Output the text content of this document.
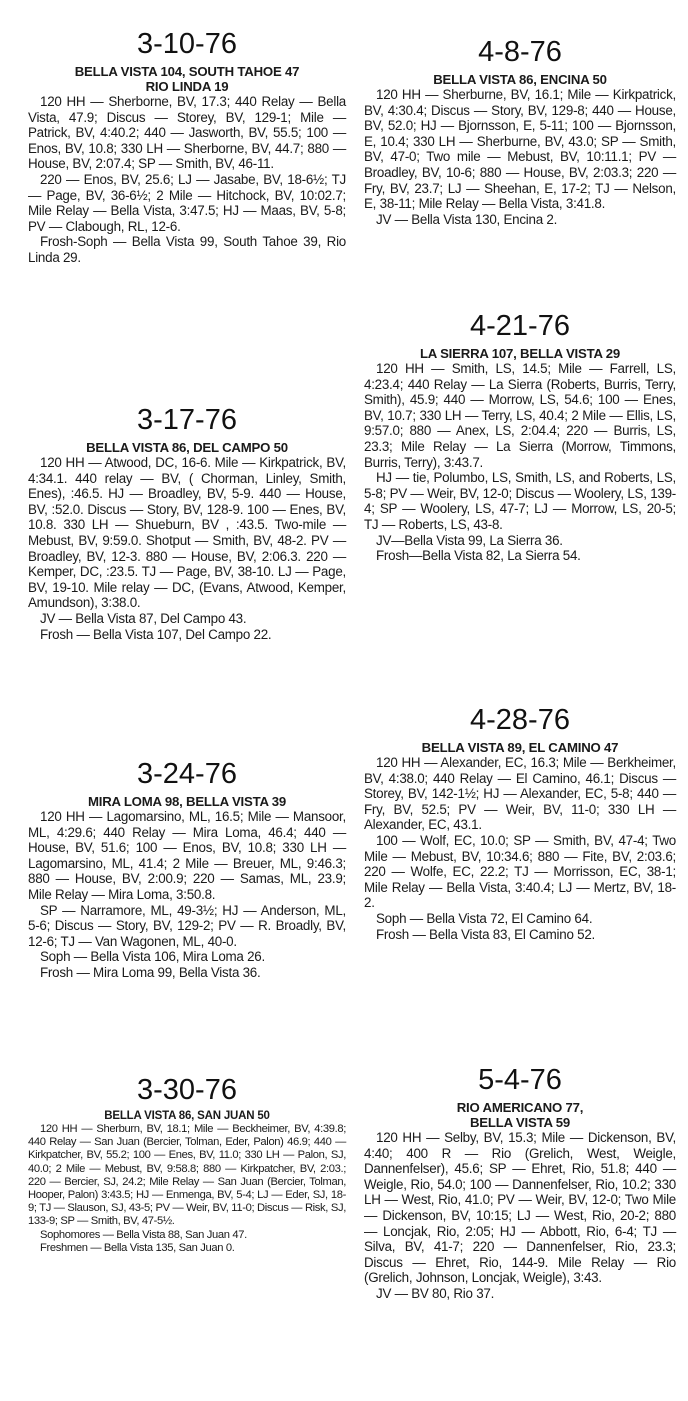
3-10-76
BELLA VISTA 104, SOUTH TAHOE 47
RIO LINDA 19
120 HH — Sherborne, BV, 17.3; 440 Relay — Bella Vista, 47.9; Discus — Storey, BV, 129-1; Mile — Patrick, BV, 4:40.2; 440 — Jasworth, BV, 55.5; 100 — Enos, BV, 10.8; 330 LH — Sherborne, BV, 44.7; 880 — House, BV, 2:07.4; SP — Smith, BV, 46-11.
220 — Enos, BV, 25.6; LJ — Jasabe, BV, 18-6½; TJ — Page, BV, 36-6½; 2 Mile — Hitchock, BV, 10:02.7; Mile Relay — Bella Vista, 3:47.5; HJ — Maas, BV, 5-8; PV — Clabough, RL, 12-6.
Frosh-Soph — Bella Vista 99, South Tahoe 39, Rio Linda 29.
3-17-76
BELLA VISTA 86, DEL CAMPO 50
120 HH — Atwood, DC, 16-6. Mile — Kirkpatrick, BV, 4:34.1. 440 relay — BV, ( Chorman, Linley, Smith, Enes), :46.5. HJ — Broadley, BV, 5-9. 440 — House, BV, :52.0. Discus — Story, BV, 128-9. 100 — Enes, BV, 10.8. 330 LH — Shueburn, BV , :43.5. Two-mile — Mebust, BV, 9:59.0. Shotput — Smith, BV, 48-2. PV — Broadley, BV, 12-3. 880 — House, BV, 2:06.3. 220 — Kemper, DC, :23.5. TJ — Page, BV, 38-10. LJ — Page, BV, 19-10. Mile relay — DC, (Evans, Atwood, Kemper, Amundson), 3:38.0.
JV — Bella Vista 87, Del Campo 43.
Frosh — Bella Vista 107, Del Campo 22.
3-24-76
MIRA LOMA 98, BELLA VISTA 39
120 HH — Lagomarsino, ML, 16.5; Mile — Mansoor, ML, 4:29.6; 440 Relay — Mira Loma, 46.4; 440 — House, BV, 51.6; 100 — Enos, BV, 10.8; 330 LH — Lagomarsino, ML, 41.4; 2 Mile — Breuer, ML, 9:46.3; 880 — House, BV, 2:00.9; 220 — Samas, ML, 23.9; Mile Relay — Mira Loma, 3:50.8.
SP — Narramore, ML, 49-3½; HJ — Anderson, ML, 5-6; Discus — Story, BV, 129-2; PV — R. Broadly, BV, 12-6; TJ — Van Wagonen, ML, 40-0.
Soph — Bella Vista 106, Mira Loma 26.
Frosh — Mira Loma 99, Bella Vista 36.
3-30-76
BELLA VISTA 86, SAN JUAN 50
120 HH — Sherburn, BV, 18.1; Mile — Beckheimer, BV, 4:39.8; 440 Relay — San Juan (Bercier, Tolman, Eder, Palon) 46.9; 440 — Kirkpatcher, BV, 55.2; 100 — Enes, BV, 11.0; 330 LH — Palon, SJ, 40.0; 2 Mile — Mebust, BV, 9:58.8; 880 — Kirkpatcher, BV, 2:03.; 220 — Bercier, SJ, 24.2; Mile Relay — San Juan (Bercier, Tolman, Hooper, Palon) 3:43.5; HJ — Enmenga, BV, 5-4; LJ — Eder, SJ, 18-9; TJ — Slauson, SJ, 43-5; PV — Weir, BV, 11-0; Discus — Risk, SJ, 133-9; SP — Smith, BV, 47-5½.
Sophomores — Bella Vista 88, San Juan 47.
Freshmen — Bella Vista 135, San Juan 0.
4-8-76
BELLA VISTA 86, ENCINA 50
120 HH — Sherburne, BV, 16.1; Mile — Kirkpatrick, BV, 4:30.4; Discus — Story, BV, 129-8; 440 — House, BV, 52.0; HJ — Bjornsson, E, 5-11; 100 — Bjornsson, E, 10.4; 330 LH — Sherburne, BV, 43.0; SP — Smith, BV, 47-0; Two mile — Mebust, BV, 10:11.1; PV — Broadley, BV, 10-6; 880 — House, BV, 2:03.3; 220 — Fry, BV, 23.7; LJ — Sheehan, E, 17-2; TJ — Nelson, E, 38-11; Mile Relay — Bella Vista, 3:41.8.
JV — Bella Vista 130, Encina 2.
4-21-76
LA SIERRA 107, BELLA VISTA 29
120 HH — Smith, LS, 14.5; Mile — Farrell, LS, 4:23.4; 440 Relay — La Sierra (Roberts, Burris, Terry, Smith), 45.9; 440 — Morrow, LS, 54.6; 100 — Enes, BV, 10.7; 330 LH — Terry, LS, 40.4; 2 Mile — Ellis, LS, 9:57.0; 880 — Anex, LS, 2:04.4; 220 — Burris, LS, 23.3; Mile Relay — La Sierra (Morrow, Timmons, Burris, Terry), 3:43.7.
HJ — tie, Polumbo, LS, Smith, LS, and Roberts, LS, 5-8; PV — Weir, BV, 12-0; Discus — Woolery, LS, 139-4; SP — Woolery, LS, 47-7; LJ — Morrow, LS, 20-5; TJ — Roberts, LS, 43-8.
JV—Bella Vista 99, La Sierra 36.
Frosh—Bella Vista 82, La Sierra 54.
4-28-76
BELLA VISTA 89, EL CAMINO 47
120 HH — Alexander, EC, 16.3; Mile — Berkheimer, BV, 4:38.0; 440 Relay — El Camino, 46.1; Discus — Storey, BV, 142-1½; HJ — Alexander, EC, 5-8; 440 — Fry, BV, 52.5; PV — Weir, BV, 11-0; 330 LH — Alexander, EC, 43.1.
100 — Wolf, EC, 10.0; SP — Smith, BV, 47-4; Two Mile — Mebust, BV, 10:34.6; 880 — Fite, BV, 2:03.6; 220 — Wolfe, EC, 22.2; TJ — Morrisson, EC, 38-1; Mile Relay — Bella Vista, 3:40.4; LJ — Mertz, BV, 18-2.
Soph — Bella Vista 72, El Camino 64.
Frosh — Bella Vista 83, El Camino 52.
5-4-76
RIO AMERICANO 77,
BELLA VISTA 59
120 HH — Selby, BV, 15.3; Mile — Dickenson, BV, 4:40; 400 R — Rio (Grelich, West, Weigle, Dannenfelser), 45.6; SP — Ehret, Rio, 51.8; 440 — Weigle, Rio, 54.0; 100 — Dannenfelser, Rio, 10.2; 330 LH — West, Rio, 41.0; PV — Weir, BV, 12-0; Two Mile — Dickenson, BV, 10:15; LJ — West, Rio, 20-2; 880 — Loncjak, Rio, 2:05; HJ — Abbott, Rio, 6-4; TJ — Silva, BV, 41-7; 220 — Dannenfelser, Rio, 23.3; Discus — Ehret, Rio, 144-9. Mile Relay — Rio (Grelich, Johnson, Loncjak, Weigle), 3:43.
JV — BV 80, Rio 37.
